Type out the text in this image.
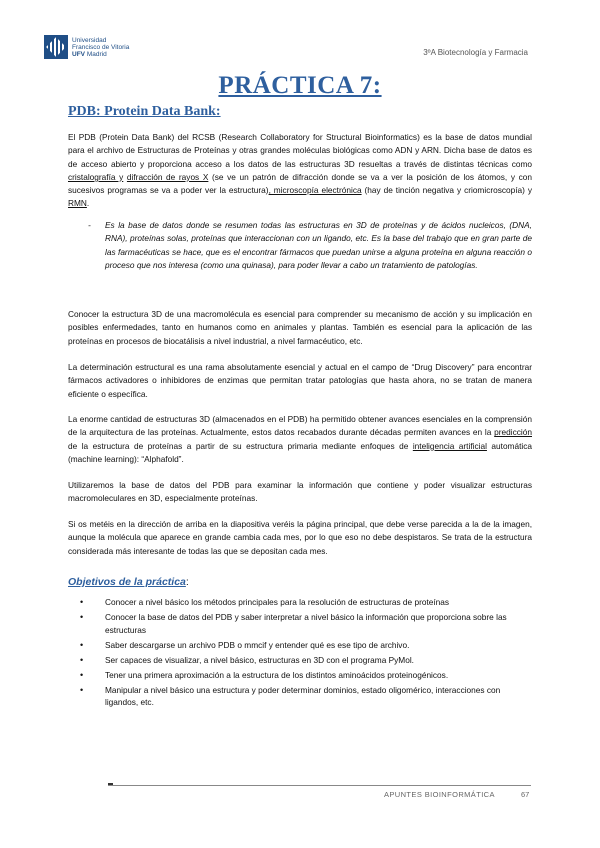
Universidad
Francisco de Vitoria
UFV Madrid	3ºA Biotecnología y Farmacia
PRÁCTICA 7:
PDB: Protein Data Bank:
El PDB (Protein Data Bank) del RCSB (Research Collaboratory for Structural Bioinformatics) es la base de datos mundial para el archivo de Estructuras de Proteínas y otras grandes moléculas biológicas como ADN y ARN. Dicha base de datos es de acceso abierto y proporciona acceso a los datos de las estructuras 3D resueltas a través de distintas técnicas como cristalografía y difracción de rayos X (se ve un patrón de difracción donde se va a ver la posición de los átomos, y con sucesivos programas se va a poder ver la estructura), microscopía electrónica (hay de tinción negativa y criomicroscopía) y RMN.
- Es la base de datos donde se resumen todas las estructuras en 3D de proteínas y de ácidos nucleicos, (DNA, RNA), proteínas solas, proteínas que interaccionan con un ligando, etc. Es la base del trabajo que en gran parte de las farmacéuticas se hace, que es el encontrar fármacos que puedan unirse a alguna proteína en alguna reacción o proceso que nos interesa (como una quinasa), para poder llevar a cabo un tratamiento de patologías.
Conocer la estructura 3D de una macromolécula es esencial para comprender su mecanismo de acción y su implicación en posibles enfermedades, tanto en humanos como en animales y plantas. También es esencial para la aplicación de las proteínas en procesos de biocatálisis a nivel industrial, a nivel farmacéutico, etc.
La determinación estructural es una rama absolutamente esencial y actual en el campo de “Drug Discovery” para encontrar fármacos activadores o inhibidores de enzimas que permitan tratar patologías que hasta ahora, no se tratan de manera eficiente o específica.
La enorme cantidad de estructuras 3D (almacenados en el PDB) ha permitido obtener avances esenciales en la comprensión de la arquitectura de las proteínas. Actualmente, estos datos recabados durante décadas permiten avances en la predicción de la estructura de proteínas a partir de su estructura primaria mediante enfoques de inteligencia artificial automática (machine learning): “Alphafold”.
Utilizaremos la base de datos del PDB para examinar la información que contiene y poder visualizar estructuras macromoleculares en 3D, especialmente proteínas.
Si os metéis en la dirección de arriba en la diapositiva veréis la página principal, que debe verse parecida a la de la imagen, aunque la molécula que aparece en grande cambia cada mes, por lo que eso no debe despistaros. Se trata de la estructura considerada más interesante de todas las que se depositan cada mes.
Objetivos de la práctica:
• Conocer a nivel básico los métodos principales para la resolución de estructuras de proteínas
• Conocer la base de datos del PDB y saber interpretar a nivel básico la información que proporciona sobre las estructuras
• Saber descargarse un archivo PDB o mmcif y entender qué es ese tipo de archivo.
• Ser capaces de visualizar, a nivel básico, estructuras en 3D con el programa PyMol.
• Tener una primera aproximación a la estructura de los distintos aminoácidos proteinogénicos.
• Manipular a nivel básico una estructura y poder determinar dominios, estado oligomérico, interacciones con ligandos, etc.
APUNTES BIOINFORMÁTICA	67
